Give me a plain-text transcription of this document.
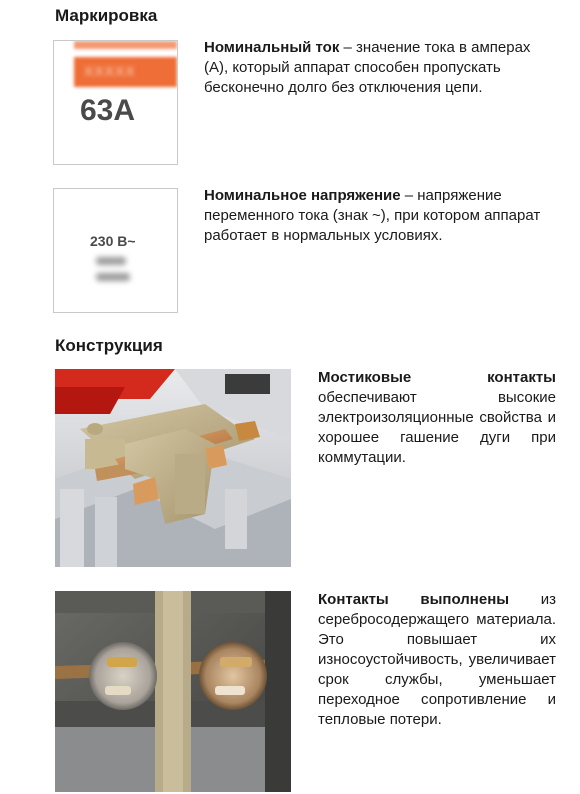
Маркировка
XXXXX
63А

Номинальный ток – значение тока в амперах (А), который аппарат способен пропускать бесконечно долго без отключения цепи.

230 В~

Номинальное напряжение – напряжение переменного тока (знак ~), при котором аппарат работает в нормальных условиях.

Конструкция

Мостиковые контакты обеспечивают высокие электроизоляционные свойства и хорошее гашение дуги при коммутации.

Контакты выполнены из серебросодержащего материала. Это повышает их износоустойчивость, увеличивает срок службы, уменьшает переходное сопротивление и тепловые потери.
